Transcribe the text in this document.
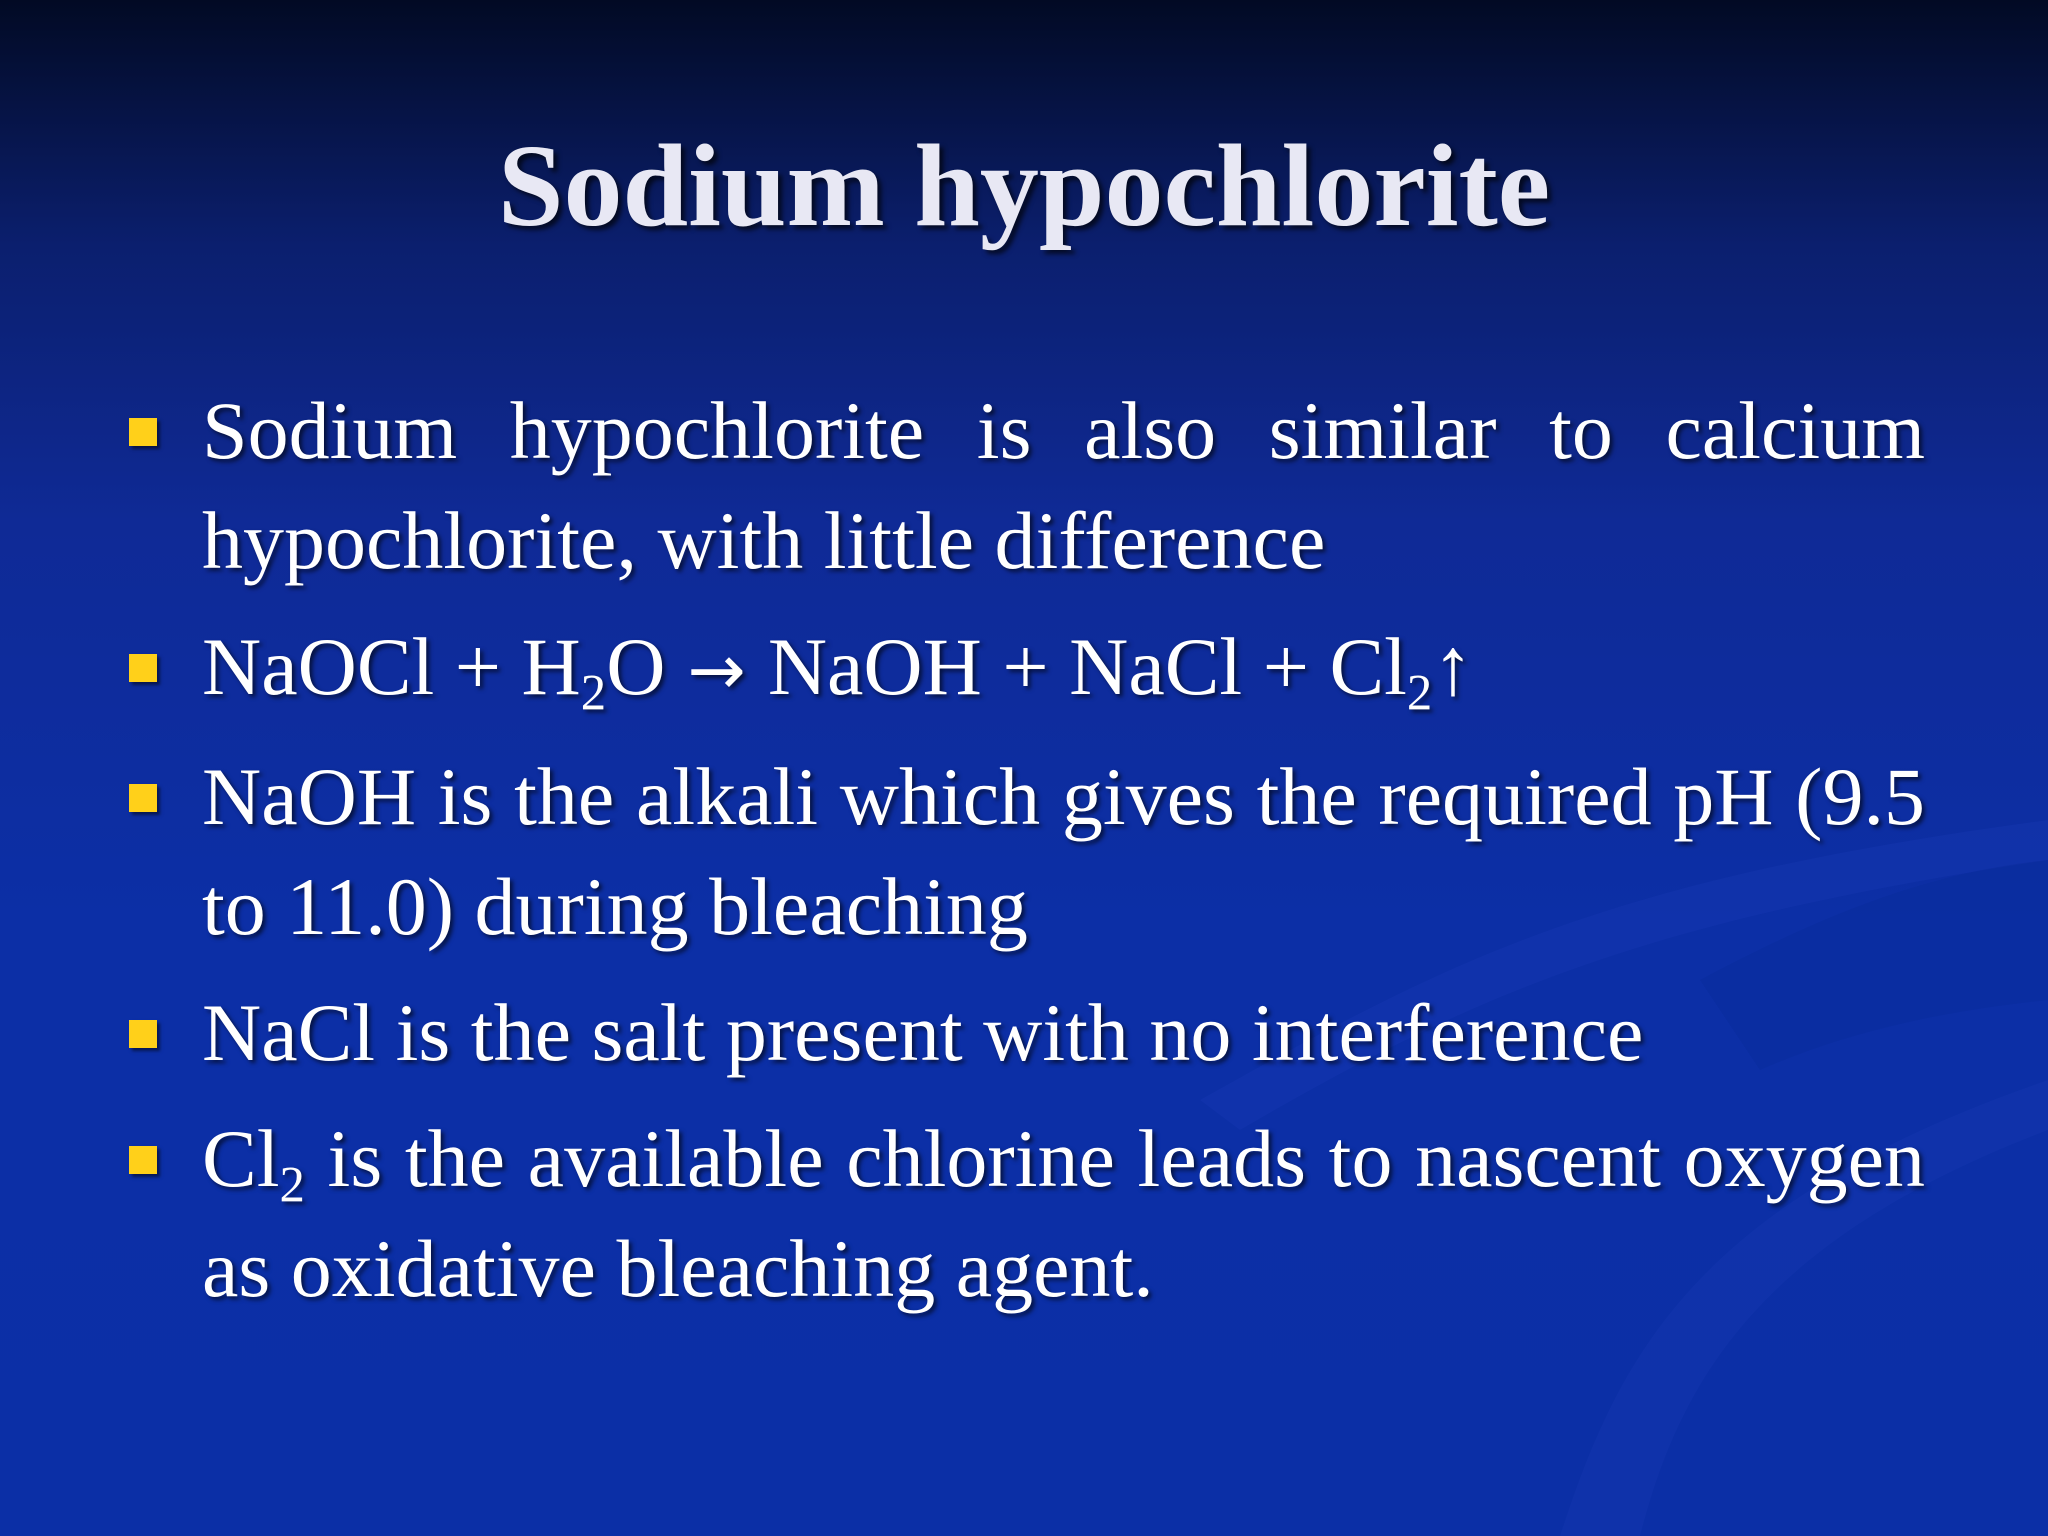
Sodium hypochlorite
Sodium hypochlorite is also similar to calcium hypochlorite, with little difference
NaOCl + $H_2O$ → NaOH + NaCl + $Cl_2↑$
NaOH is the alkali which gives the required pH (9.5 to 11.0) during bleaching
NaCl is the salt present with no interference
$Cl_2$ is the available chlorine leads to nascent oxygen as oxidative bleaching agent.
